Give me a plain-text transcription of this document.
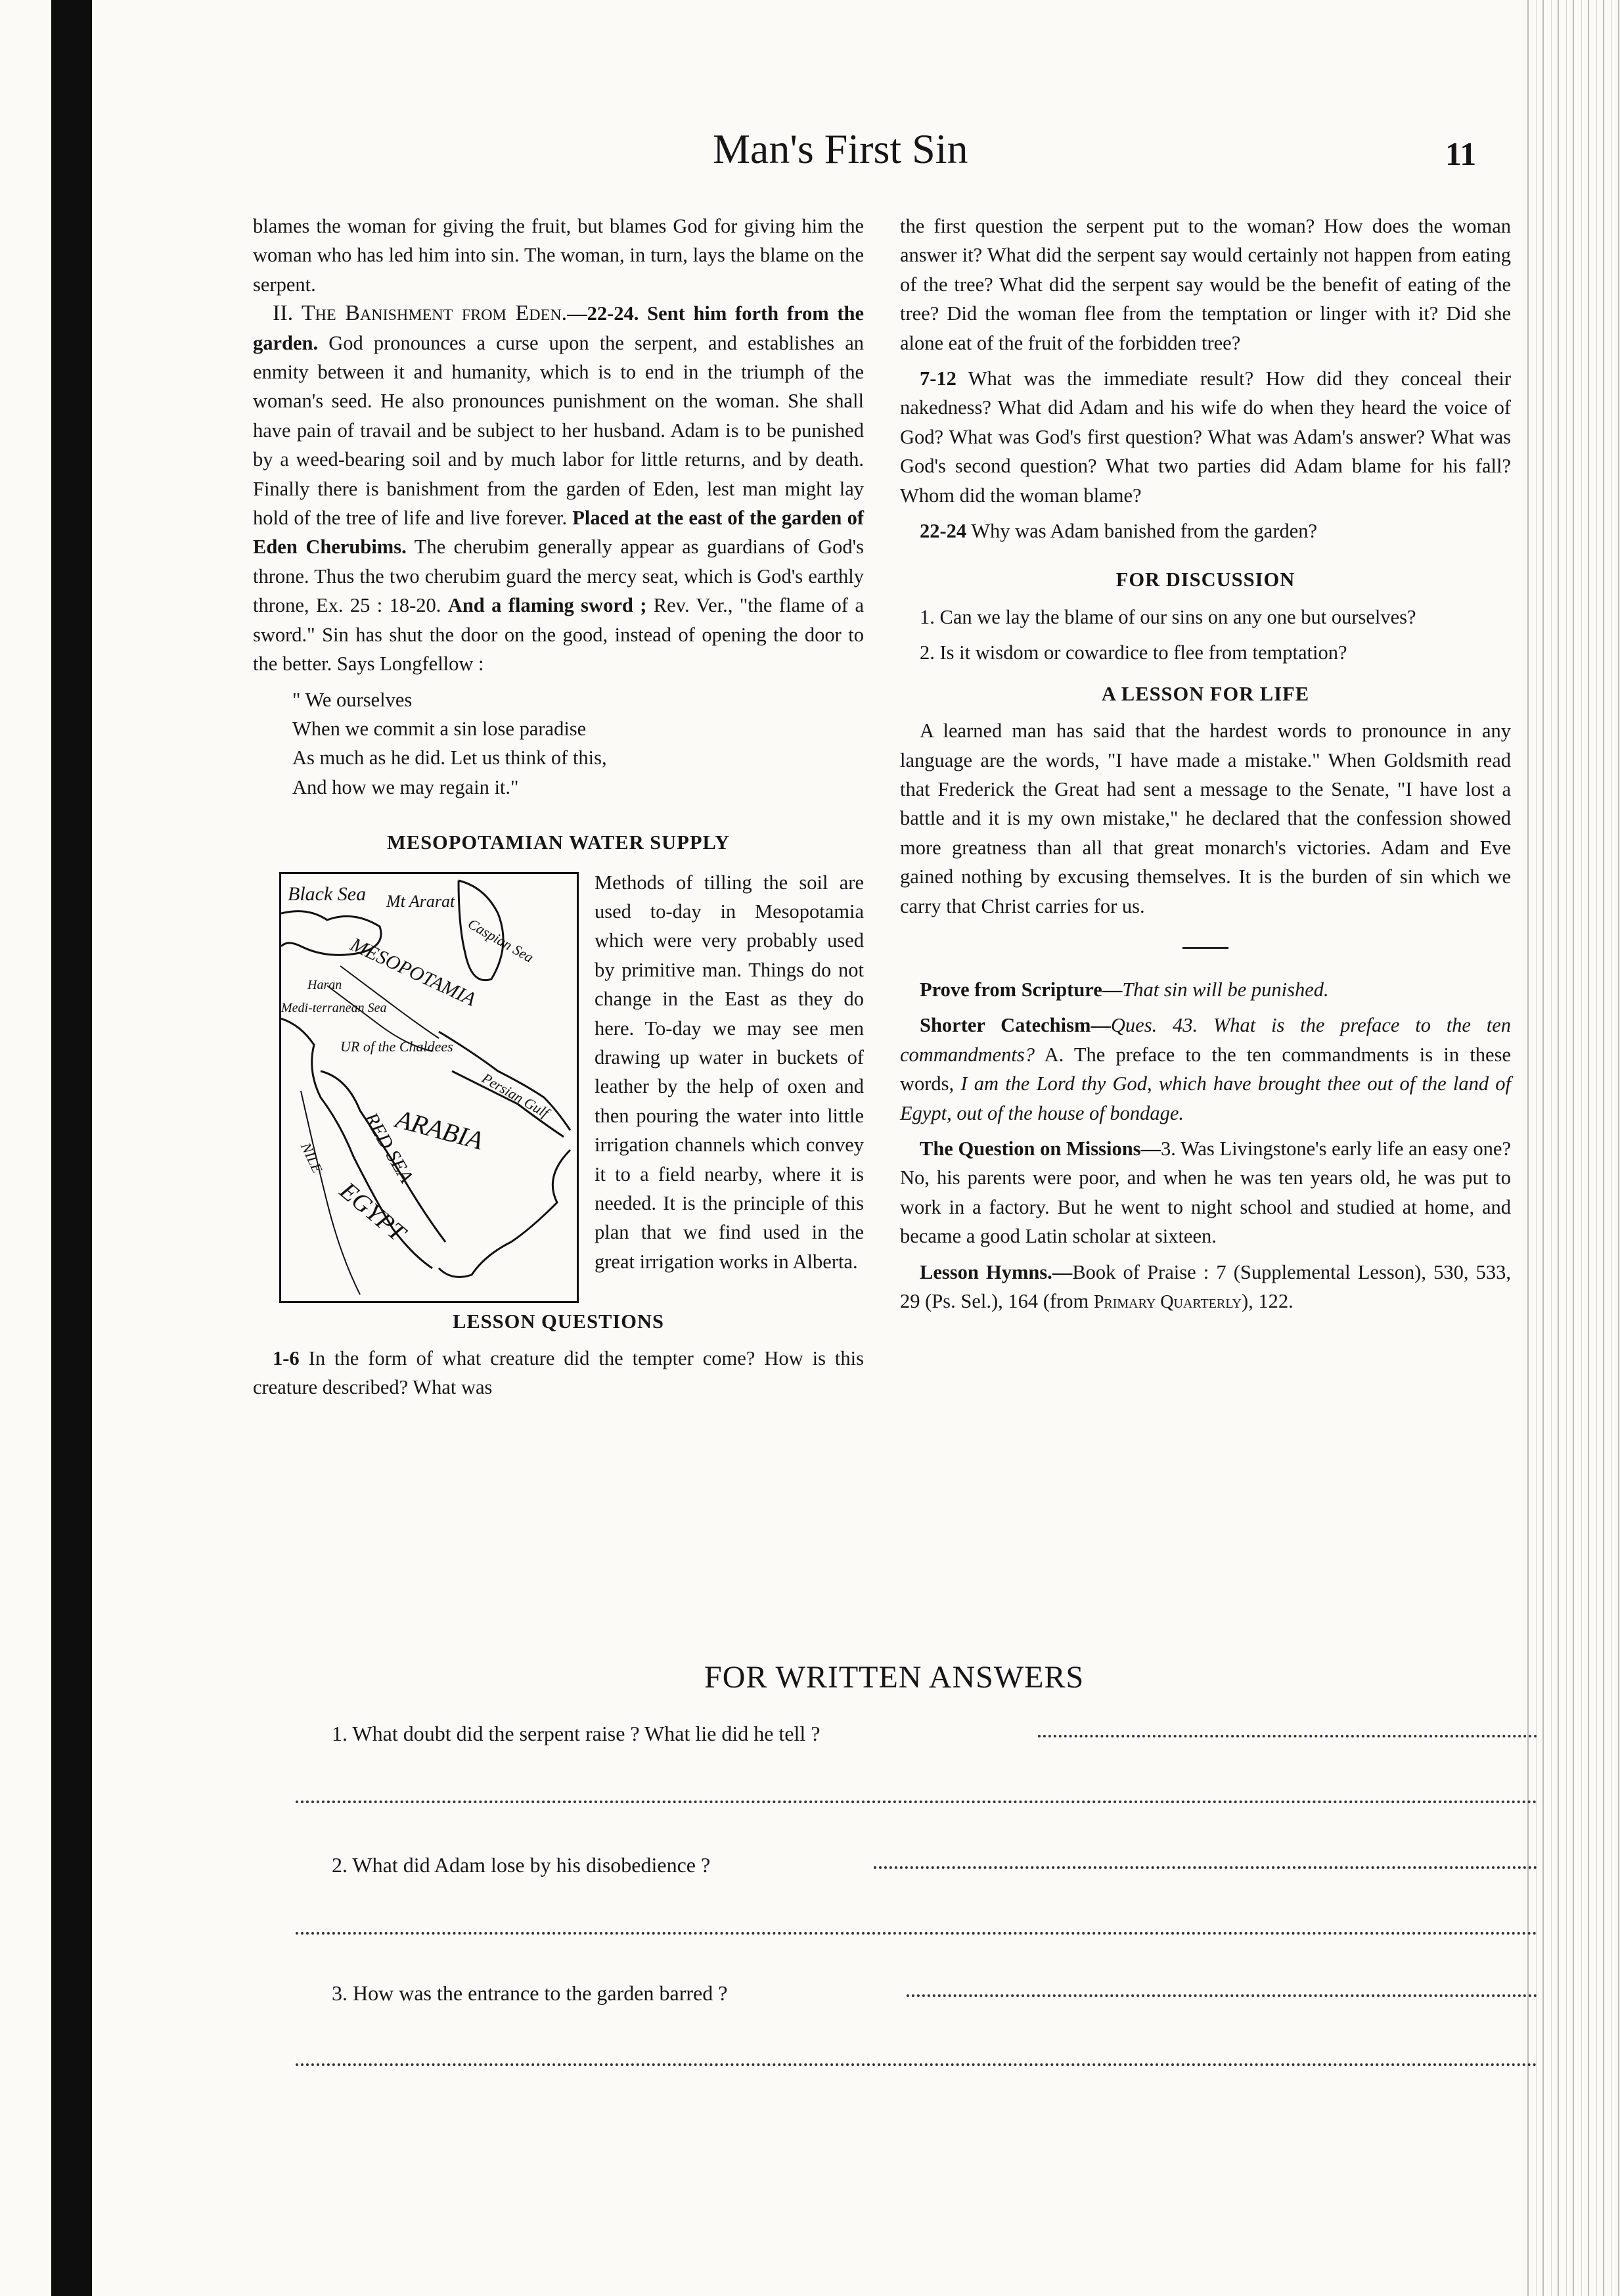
Man's First Sin	11

blames the woman for giving the fruit, but blames God for giving him the woman who has led him into sin. The woman, in turn, lays the blame on the serpent.

II. The Banishment from Eden.—22-24. Sent him forth from the garden. God pronounces a curse upon the serpent, and establishes an enmity between it and humanity, which is to end in the triumph of the woman's seed. He also pronounces punishment on the woman. She shall have pain of travail and be subject to her husband. Adam is to be punished by a weed-bearing soil and by much labor for little returns, and by death. Finally there is banishment from the garden of Eden, lest man might lay hold of the tree of life and live forever. Placed at the east of the garden of Eden Cherubims. The cherubim generally appear as guardians of God's throne. Thus the two cherubim guard the mercy seat, which is God's earthly throne, Ex. 25 : 18-20. And a flaming sword ; Rev. Ver., "the flame of a sword." Sin has shut the door on the good, instead of opening the door to the better. Says Longfellow :

" We ourselves

When we commit a sin lose paradise

As much as he did. Let us think of this,

And how we may regain it."

MESOPOTAMIAN WATER SUPPLY

Black Sea Mt Ararat
Caspian Sea
MESOPOTAMIA
Haran
Medi-terranean Sea
UR of the Chaldees
Persian Gulf
ARABIA
RED SEA
NILE
EGYPT

Methods of tilling the soil are used to-day in Mesopotamia which were very probably used by primitive man. Things do not change in the East as they do here. To-day we may see men drawing up water in buckets of leather by the help of oxen and then pouring the water into little irrigation channels which convey it to a field nearby, where it is needed. It is the principle of this plan that we find used in the great irrigation works in Alberta.

LESSON QUESTIONS

1-6 In the form of what creature did the tempter come? How is this creature described? What was

the first question the serpent put to the woman? How does the woman answer it? What did the serpent say would certainly not happen from eating of the tree? What did the serpent say would be the benefit of eating of the tree? Did the woman flee from the temptation or linger with it? Did she alone eat of the fruit of the forbidden tree?

7-12 What was the immediate result? How did they conceal their nakedness? What did Adam and his wife do when they heard the voice of God? What was God's first question? What was Adam's answer? What was God's second question? What two parties did Adam blame for his fall? Whom did the woman blame?

22-24 Why was Adam banished from the garden?

FOR DISCUSSION

1. Can we lay the blame of our sins on any one but ourselves?

2. Is it wisdom or cowardice to flee from temptation?

A LESSON FOR LIFE

A learned man has said that the hardest words to pronounce in any language are the words, "I have made a mistake." When Goldsmith read that Frederick the Great had sent a message to the Senate, "I have lost a battle and it is my own mistake," he declared that the confession showed more greatness than all that great monarch's victories. Adam and Eve gained nothing by excusing themselves. It is the burden of sin which we carry that Christ carries for us.

Prove from Scripture—That sin will be punished.

Shorter Catechism—Ques. 43. What is the preface to the ten commandments? A. The preface to the ten commandments is in these words, I am the Lord thy God, which have brought thee out of the land of Egypt, out of the house of bondage.

The Question on Missions—3. Was Livingstone's early life an easy one? No, his parents were poor, and when he was ten years old, he was put to work in a factory. But he went to night school and studied at home, and became a good Latin scholar at sixteen.

Lesson Hymns.—Book of Praise : 7 (Supplemental Lesson), 530, 533, 29 (Ps. Sel.), 164 (from Primary Quarterly), 122.

FOR WRITTEN ANSWERS
1. What doubt did the serpent raise ? What lie did he tell ?
2. What did Adam lose by his disobedience ?
3. How was the entrance to the garden barred ?
